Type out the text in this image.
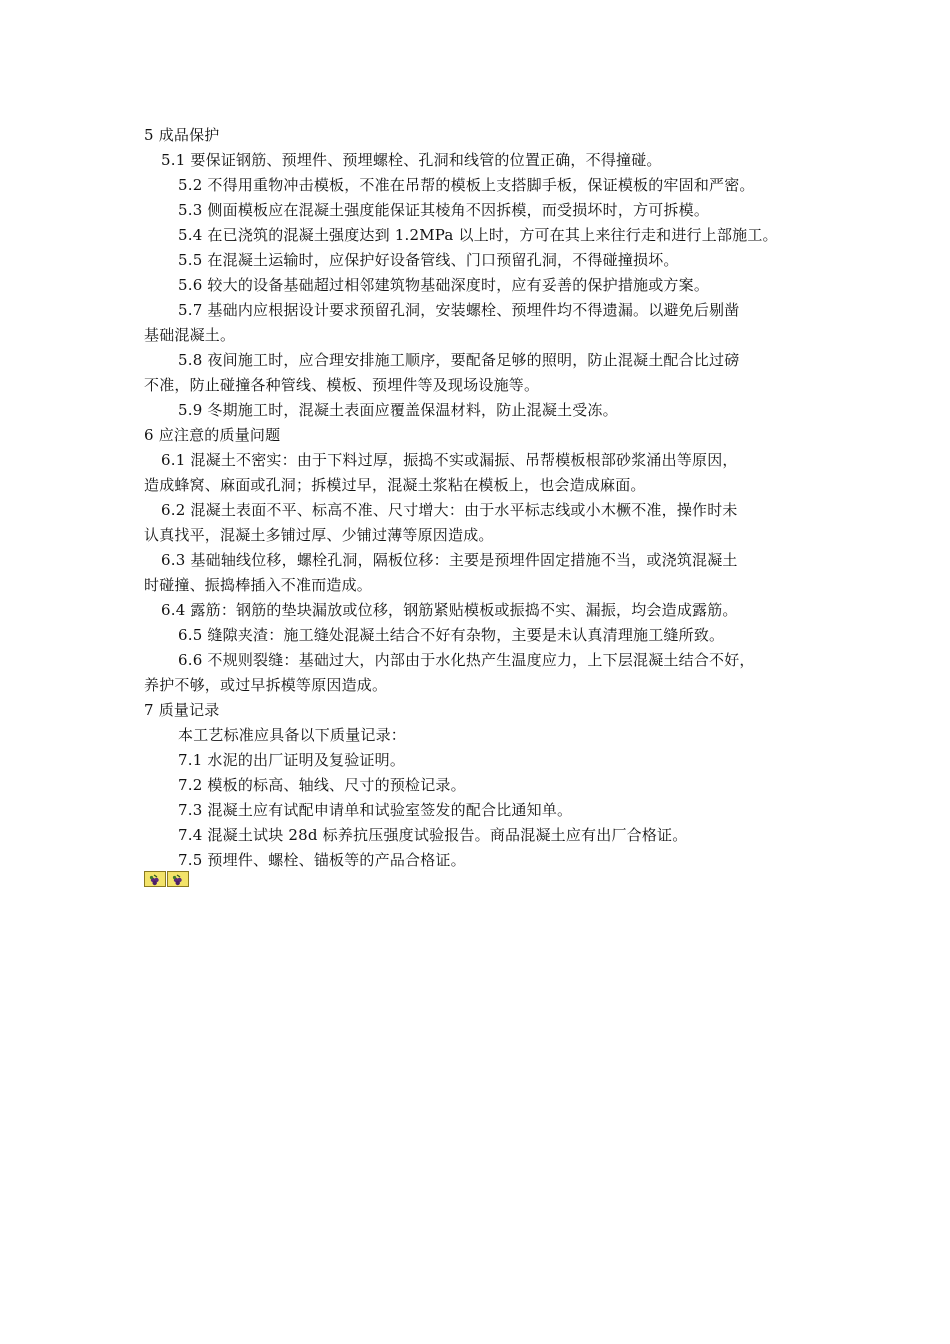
5 成品保护
5.1 要保证钢筋、预埋件、预埋螺栓、孔洞和线管的位置正确，不得撞碰。
5.2 不得用重物冲击模板，不准在吊帮的模板上支搭脚手板，保证模板的牢固和严密。
5.3 侧面模板应在混凝土强度能保证其棱角不因拆模，而受损坏时，方可拆模。
5.4 在已浇筑的混凝土强度达到 1.2MPa 以上时，方可在其上来往行走和进行上部施工。
5.5 在混凝土运输时，应保护好设备管线、门口预留孔洞，不得碰撞损坏。
5.6 较大的设备基础超过相邻建筑物基础深度时，应有妥善的保护措施或方案。
5.7 基础内应根据设计要求预留孔洞，安装螺栓、预埋件均不得遗漏。以避免后剔凿
基础混凝土。
5.8 夜间施工时，应合理安排施工顺序，要配备足够的照明，防止混凝土配合比过磅
不准，防止碰撞各种管线、模板、预埋件等及现场设施等。
5.9 冬期施工时，混凝土表面应覆盖保温材料，防止混凝土受冻。
6 应注意的质量问题
6.1 混凝土不密实：由于下料过厚，振捣不实或漏振、吊帮模板根部砂浆涌出等原因，
造成蜂窝、麻面或孔洞；拆模过早，混凝土浆粘在模板上，也会造成麻面。
6.2 混凝土表面不平、标高不准、尺寸增大：由于水平标志线或小木橛不准，操作时未
认真找平，混凝土多铺过厚、少铺过薄等原因造成。
6.3 基础轴线位移，螺栓孔洞，隔板位移：主要是预埋件固定措施不当，或浇筑混凝土
时碰撞、振捣棒插入不准而造成。
6.4 露筋：钢筋的垫块漏放或位移，钢筋紧贴模板或振捣不实、漏振，均会造成露筋。
6.5 缝隙夹渣：施工缝处混凝土结合不好有杂物，主要是未认真清理施工缝所致。
6.6 不规则裂缝：基础过大，内部由于水化热产生温度应力，上下层混凝土结合不好，
养护不够，或过早拆模等原因造成。
7 质量记录
本工艺标准应具备以下质量记录：
7.1 水泥的出厂证明及复验证明。
7.2 模板的标高、轴线、尺寸的预检记录。
7.3 混凝土应有试配申请单和试验室签发的配合比通知单。
7.4 混凝土试块 28d 标养抗压强度试验报告。商品混凝土应有出厂合格证。
7.5 预埋件、螺栓、锚板等的产品合格证。
